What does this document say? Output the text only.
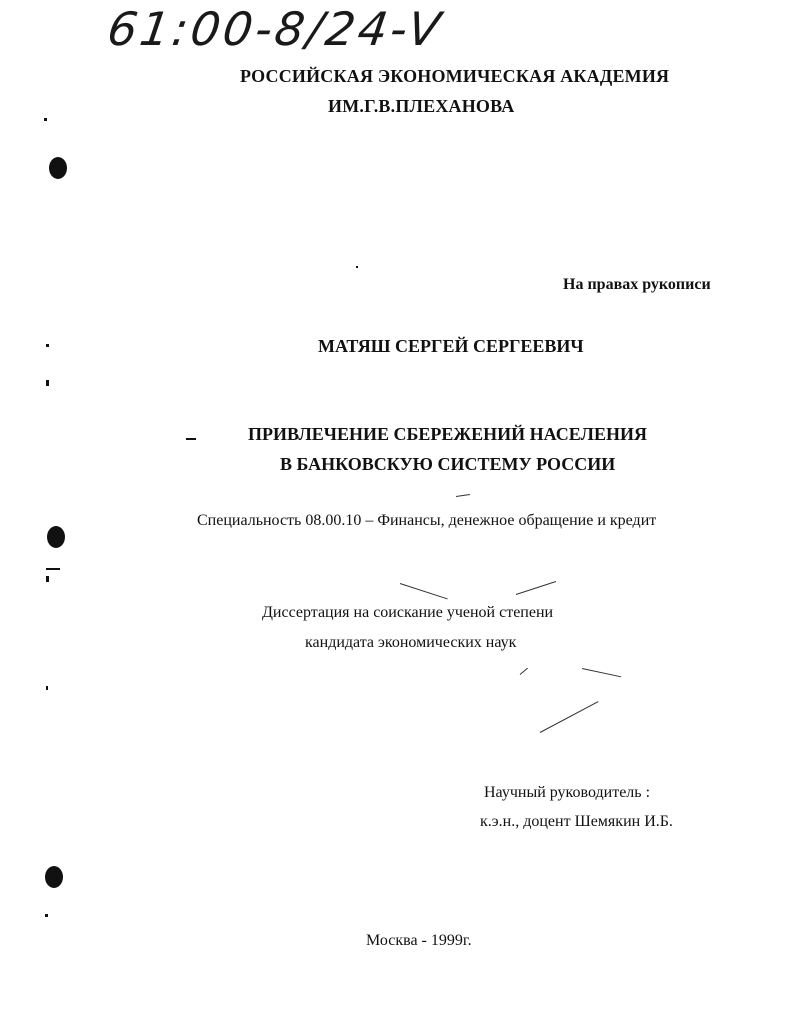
61:00-8/24-V
РОССИЙСКАЯ ЭКОНОМИЧЕСКАЯ АКАДЕМИЯ
ИМ.Г.В.ПЛЕХАНОВА
На правах рукописи
МАТЯШ СЕРГЕЙ СЕРГЕЕВИЧ
ПРИВЛЕЧЕНИЕ СБЕРЕЖЕНИЙ НАСЕЛЕНИЯ
В БАНКОВСКУЮ СИСТЕМУ РОССИИ
Специальность 08.00.10 – Финансы, денежное обращение и кредит
Диссертация на соискание ученой степени
кандидата экономических наук
Научный руководитель :
к.э.н., доцент Шемякин И.Б.
Москва - 1999г.
